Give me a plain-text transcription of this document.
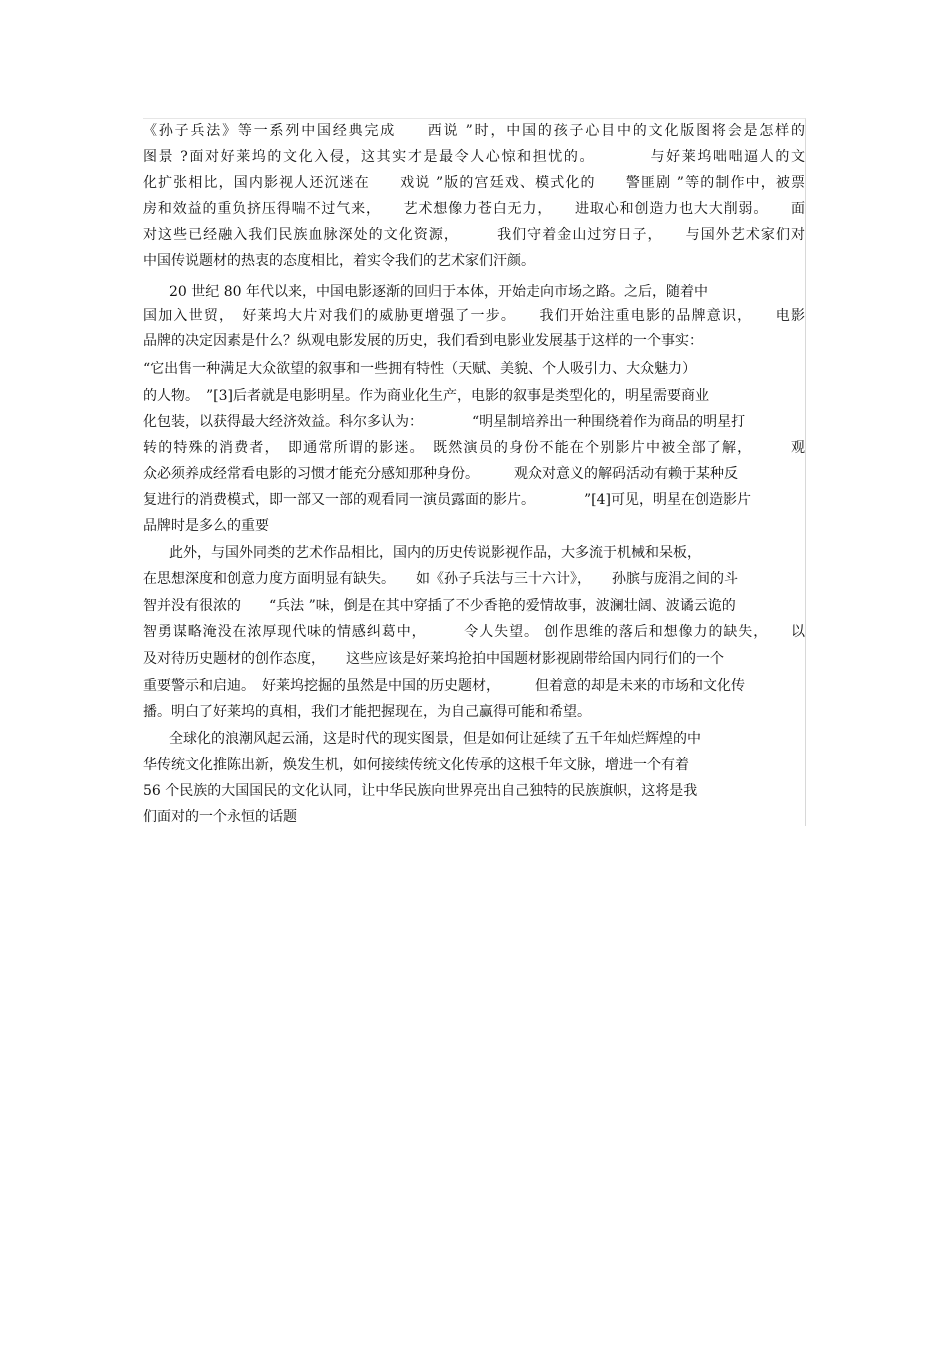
《孙子兵法》等一系列中国经典完成　　西说 ”时，中国的孩子心目中的文化版图将会是怎样的
图景 ?面对好莱坞的文化入侵，这其实才是最令人心惊和担忧的。　　　　与好莱坞咄咄逼人的文
化扩张相比，国内影视人还沉迷在　　戏说 ”版的宫廷戏、模式化的　　警匪剧 ”等的制作中，被票
房和效益的重负挤压得喘不过气来，　　艺术想像力苍白无力，　　进取心和创造力也大大削弱。　　面
对这些已经融入我们民族血脉深处的文化资源，　　　我们守着金山过穷日子，　　与国外艺术家们对
中国传说题材的热衷的态度相比，着实令我们的艺术家们汗颜。
20 世纪 80 年代以来，中国电影逐渐的回归于本体，开始走向市场之路。之后，随着中
国加入世贸，　好莱坞大片对我们的威胁更增强了一步。　　我们开始注重电影的品牌意识，　　电影
品牌的决定因素是什么？纵观电影发展的历史，我们看到电影业发展基于这样的一个事实：
“它出售一种满足大众欲望的叙事和一些拥有特性（天赋、美貌、个人吸引力、大众魅力）
的人物。　”[3]后者就是电影明星。作为商业化生产，电影的叙事是类型化的，明星需要商业
化包装，以获得最大经济效益。科尔多认为：　　　　“明星制培养出一种围绕着作为商品的明星打
转的特殊的消费者，　即通常所谓的影迷。　既然演员的身份不能在个别影片中被全部了解，　　　观
众必须养成经常看电影的习惯才能充分感知那种身份。　　　观众对意义的解码活动有赖于某种反
复进行的消费模式，即一部又一部的观看同一演员露面的影片。　　　　”[4]可见，明星在创造影片
品牌时是多么的重要
此外，与国外同类的艺术作品相比，国内的历史传说影视作品，大多流于机械和呆板，
在思想深度和创意力度方面明显有缺失。　　如《孙子兵法与三十六计》，　　孙膑与庞涓之间的斗
智并没有很浓的　　“兵法 ”味，倒是在其中穿插了不少香艳的爱情故事，波澜壮阔、波谲云诡的
智勇谋略淹没在浓厚现代味的情感纠葛中，　　　令人失望。 创作思维的落后和想像力的缺失，　　以
及对待历史题材的创作态度，　　这些应该是好莱坞抢拍中国题材影视剧带给国内同行们的一个
重要警示和启迪。　好莱坞挖掘的虽然是中国的历史题材，　　　但着意的却是未来的市场和文化传
播。明白了好莱坞的真相，我们才能把握现在，为自己赢得可能和希望。
全球化的浪潮风起云涌，这是时代的现实图景，但是如何让延续了五千年灿烂辉煌的中
华传统文化推陈出新，焕发生机，如何接续传统文化传承的这根千年文脉，增进一个有着
56 个民族的大国国民的文化认同，让中华民族向世界亮出自己独特的民族旗帜，这将是我
们面对的一个永恒的话题
